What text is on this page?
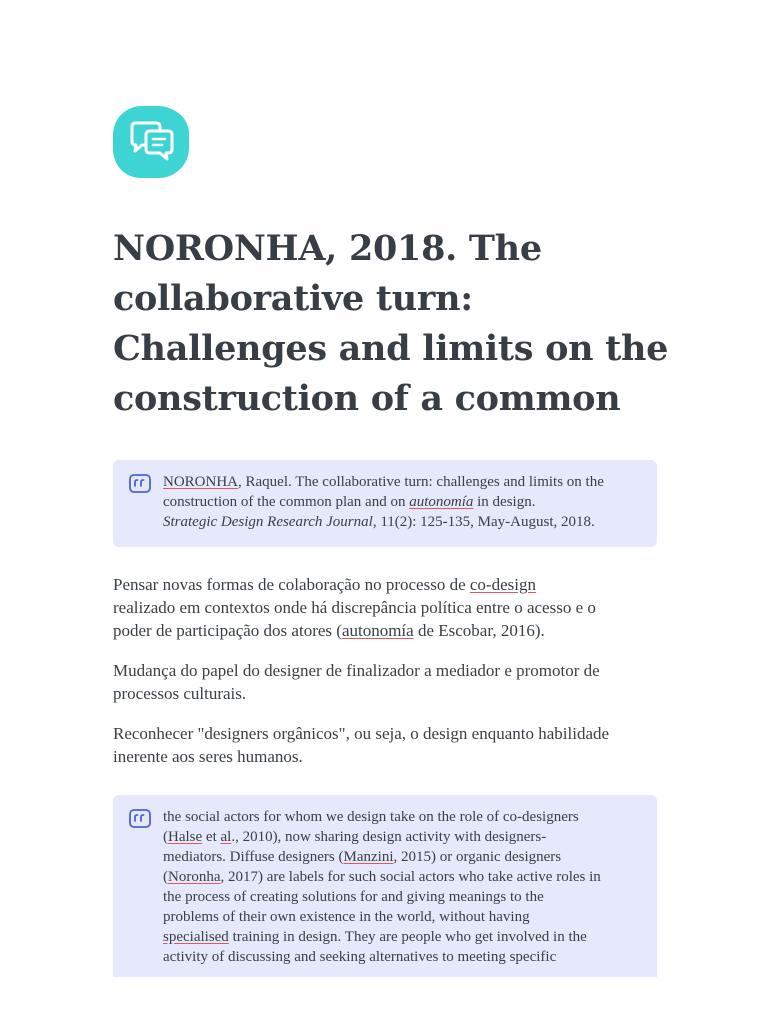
NORONHA, 2018. The
collaborative turn:
Challenges and limits on the
construction of a common
NORONHA, Raquel. The collaborative turn: challenges and limits on the
construction of the common plan and on autonomía in design.
Strategic Design Research Journal, 11(2): 125-135, May-August, 2018.

Pensar novas formas de colaboração no processo de co-design
realizado em contextos onde há discrepância política entre o acesso e o
poder de participação dos atores (autonomía de Escobar, 2016).

Mudança do papel do designer de finalizador a mediador e promotor de
processos culturais.

Reconhecer "designers orgânicos", ou seja, o design enquanto habilidade
inerente aos seres humanos.

the social actors for whom we design take on the role of co-designers
(Halse et al., 2010), now sharing design activity with designers-
mediators. Diffuse designers (Manzini, 2015) or organic designers
(Noronha, 2017) are labels for such social actors who take active roles in
the process of creating solutions for and giving meanings to the
problems of their own existence in the world, without having
specialised training in design. They are people who get involved in the
activity of discussing and seeking alternatives to meeting specific
